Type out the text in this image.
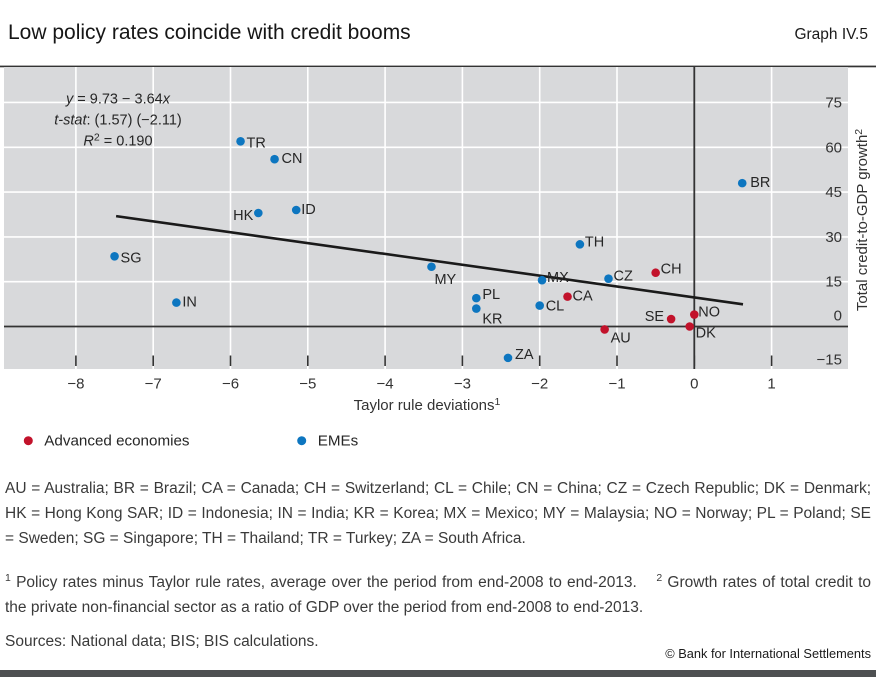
Low policy rates coincide with credit booms	Graph IV.5
y = 9.73 − 3.64x
t-stat: (1.57) (−2.11)
$R^2 = 0.190$
CA
AU
CH
SE
DK
NO
SG
IN
TR
HK
CN
ID
MY
PL
KR
ZA
CL
MX
TH
CZ
BR
75
60
45
30
15
0
−15
−8	−7	−6	−5	−4	−3	−2	−1	0	1
Taylor rule deviations$^1$
Total credit-to-GDP growth$^2$
Advanced economies	EMEs

AU = Australia; BR = Brazil; CA = Canada; CH = Switzerland; CL = Chile; CN = China; CZ = Czech Republic; DK = Denmark; HK = Hong Kong SAR; ID = Indonesia; IN = India; KR = Korea; MX = Mexico; MY = Malaysia; NO = Norway; PL = Poland; SE = Sweden; SG = Singapore; TH = Thailand; TR = Turkey; ZA = South Africa.

$^1$ Policy rates minus Taylor rule rates, average over the period from end-2008 to end-2013. $^2$ Growth rates of total credit to the private non-financial sector as a ratio of GDP over the period from end-2008 to end-2013.

Sources: National data; BIS; BIS calculations.

© Bank for International Settlements
